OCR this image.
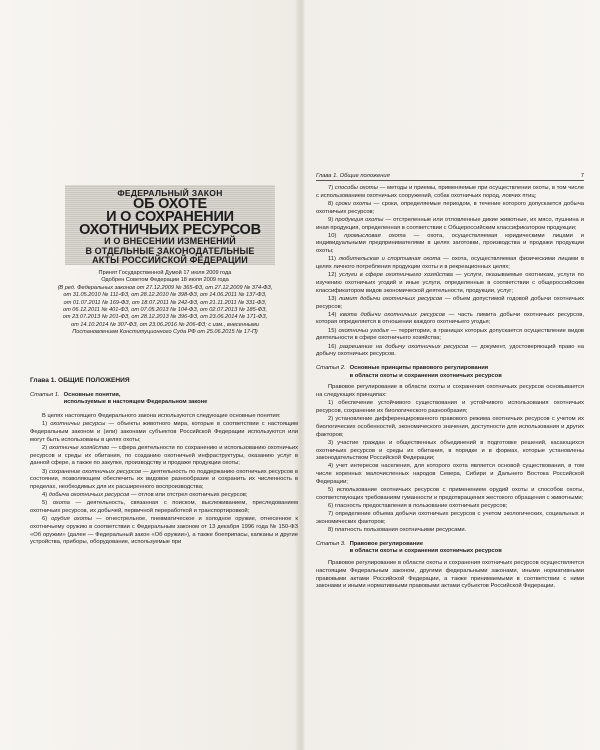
ФЕДЕРАЛЬНЫЙ ЗАКОН
ОБ ОХОТЕ
И О СОХРАНЕНИИ
ОХОТНИЧЬИХ РЕСУРСОВ
И О ВНЕСЕНИИ ИЗМЕНЕНИЙ
В ОТДЕЛЬНЫЕ ЗАКОНОДАТЕЛЬНЫЕ
АКТЫ РОССИЙСКОЙ ФЕДЕРАЦИИ
Принят Государственной Думой 17 июля 2009 года
Одобрен Советом Федерации 18 июля 2009 года
(В ред. Федеральных законов от 27.12.2009 № 365-ФЗ, от 27.12.2009 № 374-ФЗ,
от 31.05.2010 № 111-ФЗ, от 28.12.2010 № 398-ФЗ, от 14.06.2011 № 137-ФЗ,
от 01.07.2011 № 169-ФЗ, от 18.07.2011 № 242-ФЗ, от 21.11.2011 № 331-ФЗ,
от 06.12.2011 № 401-ФЗ, от 07.05.2013 № 104-ФЗ, от 02.07.2013 № 185-ФЗ,
от 23.07.2013 № 201-ФЗ, от 28.12.2013 № 396-ФЗ, от 23.06.2014 № 171-ФЗ,
от 14.10.2014 № 307-ФЗ, от 23.06.2016 № 206-ФЗ; с изм., внесенными
Постановлением Конституционного Суда РФ от 25.06.2015 № 17-П)
Глава 1. ОБЩИЕ ПОЛОЖЕНИЯ
Статья 1. Основные понятия,
используемые в настоящем Федеральном законе
В целях настоящего Федерального закона используются следующие основные понятия:
1) охотничьи ресурсы — объекты животного мира, которые в соответствии с настоящим Федеральным законом и (или) законами субъектов Российской Федерации используются или могут быть использованы в целях охоты;
2) охотничье хозяйство — сфера деятельности по сохранению и использованию охотничьих ресурсов и среды их обитания, по созданию охотничьей инфраструктуры, оказанию услуг в данной сфере, а также по закупке, производству и продаже продукции охоты;
3) сохранение охотничьих ресурсов — деятельность по поддержанию охотничьих ресурсов в состоянии, позволяющем обеспечить их видовое разнообразие и сохранить их численность в пределах, необходимых для их расширенного воспроизводства;
4) добыча охотничьих ресурсов — отлов или отстрел охотничьих ресурсов;
5) охота — деятельность, связанная с поиском, выслеживанием, преследованием охотничьих ресурсов, их добычей, первичной переработкой и транспортировкой;
6) орудия охоты — огнестрельное, пневматическое и холодное оружие, отнесенное к охотничьему оружию в соответствии с Федеральным законом от 13 декабря 1996 года № 150-ФЗ «Об оружии» (далее — Федеральный закон «Об оружии»), а также боеприпасы, капканы и другие устройства, приборы, оборудование, используемые при
Глава 1. Общие положения	7
7) способы охоты — методы и приемы, применяемые при осуществлении охоты, в том числе с использованием охотничьих сооружений, собак охотничьих пород, ловчих птиц;
8) сроки охоты — сроки, определяемые периодом, в течение которого допускается добыча охотничьих ресурсов;
9) продукция охоты — отстреленные или отловленные дикие животные, их мясо, пушнина и иная продукция, определенная в соответствии с Общероссийским классификатором продукции;
10) промысловая охота — охота, осуществляемая юридическими лицами и индивидуальными предпринимателями в целях заготовки, производства и продажи продукции охоты;
11) любительская и спортивная охота — охота, осуществляемая физическими лицами в целях личного потребления продукции охоты и в рекреационных целях;
12) услуги в сфере охотничьего хозяйства — услуги, оказываемые охотникам, услуги по изучению охотничьих угодий и иные услуги, определенные в соответствии с общероссийским классификатором видов экономической деятельности, продукции, услуг;
13) лимит добычи охотничьих ресурсов — объем допустимой годовой добычи охотничьих ресурсов;
14) квота добычи охотничьих ресурсов — часть лимита добычи охотничьих ресурсов, которая определяется в отношении каждого охотничьего угодья;
15) охотничьи угодья — территории, в границах которых допускается осуществление видов деятельности в сфере охотничьего хозяйства;
16) разрешение на добычу охотничьих ресурсов — документ, удостоверяющий право на добычу охотничьих ресурсов.
Статья 2. Основные принципы правового регулирования
в области охоты и сохранения охотничьих ресурсов
Правовое регулирование в области охоты и сохранения охотничьих ресурсов основывается на следующих принципах:
1) обеспечение устойчивого существования и устойчивого использования охотничьих ресурсов, сохранение их биологического разнообразия;
2) установление дифференцированного правового режима охотничьих ресурсов с учетом их биологических особенностей, экономического значения, доступности для использования и других факторов;
3) участие граждан и общественных объединений в подготовке решений, касающихся охотничьих ресурсов и среды их обитания, в порядке и в формах, которые установлены законодательством Российской Федерации;
4) учет интересов населения, для которого охота является основой существования, в том числе коренных малочисленных народов Севера, Сибири и Дальнего Востока Российской Федерации;
5) использование охотничьих ресурсов с применением орудий охоты и способов охоты, соответствующих требованиям гуманности и предотвращения жестокого обращения с животными;
6) гласность предоставления в пользование охотничьих ресурсов;
7) определение объема добычи охотничьих ресурсов с учетом экологических, социальных и экономических факторов;
8) платность пользования охотничьими ресурсами.
Статья 3. Правовое регулирование
в области охоты и сохранения охотничьих ресурсов
Правовое регулирование в области охоты и сохранения охотничьих ресурсов осуществляется настоящим Федеральным законом, другими федеральными законами, иными нормативными правовыми актами Российской Федерации, а также принимаемыми в соответствии с ними законами и иными нормативными правовыми актами субъектов Российской Федерации.
